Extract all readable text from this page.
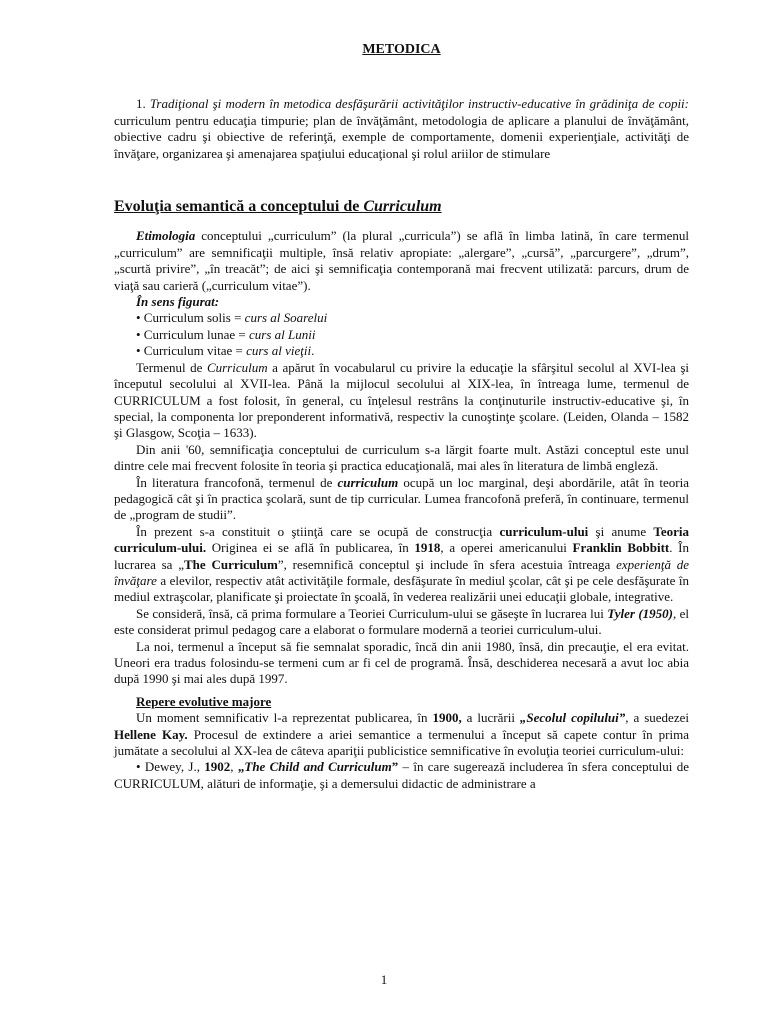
METODICA

1. Tradiţional şi modern în metodica desfăşurării activităţilor instructiv-educative în grădiniţa de copii: curriculum pentru educaţia timpurie; plan de învăţământ, metodologia de aplicare a planului de învăţământ, obiective cadru şi obiective de referinţă, exemple de comportamente, domenii experienţiale, activităţi de învăţare, organizarea şi amenajarea spaţiului educaţional şi rolul ariilor de stimulare

Evoluţia semantică a conceptului de Curriculum

Etimologia conceptului „curriculum” (la plural „curricula”) se află în limba latină, în care termenul „curriculum” are semnificaţii multiple, însă relativ apropiate: „alergare”, „cursă”, „parcurgere”, „drum”, „scurtă privire”, „în treacăt”; de aici şi semnificaţia contemporană mai frecvent utilizată: parcurs, drum de viaţă sau carieră („curriculum vitae”).

În sens figurat:

• Curriculum solis = curs al Soarelui

• Curriculum lunae = curs al Lunii

• Curriculum vitae = curs al vieţii.

Termenul de Curriculum a apărut în vocabularul cu privire la educaţie la sfârşitul secolul al XVI-lea şi începutul secolului al XVII-lea. Până la mijlocul secolului al XIX-lea, în întreaga lume, termenul de CURRICULUM a fost folosit, în general, cu înţelesul restrâns la conţinuturile instructiv-educative şi, în special, la componenta lor preponderent informativă, respectiv la cunoştinţe şcolare. (Leiden, Olanda – 1582 şi Glasgow, Scoţia – 1633).

Din anii '60, semnificaţia conceptului de curriculum s-a lărgit foarte mult. Astăzi conceptul este unul dintre cele mai frecvent folosite în teoria şi practica educaţională, mai ales în literatura de limbă engleză.

În literatura francofonă, termenul de curriculum ocupă un loc marginal, deşi abordările, atât în teoria pedagogică cât şi în practica şcolară, sunt de tip curricular. Lumea francofonă preferă, în continuare, termenul de „program de studii”.

În prezent s-a constituit o ştiinţă care se ocupă de construcţia curriculum-ului şi anume Teoria curriculum-ului. Originea ei se află în publicarea, în 1918, a operei americanului Franklin Bobbitt. În lucrarea sa „The Curriculum”, resemnifică conceptul şi include în sfera acestuia întreaga experienţă de învăţare a elevilor, respectiv atât activităţile formale, desfăşurate în mediul şcolar, cât şi pe cele desfăşurate în mediul extraşcolar, planificate şi proiectate în şcoală, în vederea realizării unei educaţii globale, integrative.

Se consideră, însă, că prima formulare a Teoriei Curriculum-ului se găseşte în lucrarea lui Tyler (1950), el este considerat primul pedagog care a elaborat o formulare modernă a teoriei curriculum-ului.

La noi, termenul a început să fie semnalat sporadic, încă din anii 1980, însă, din precauţie, el era evitat. Uneori era tradus folosindu-se termeni cum ar fi cel de programă. Însă, deschiderea necesară a avut loc abia după 1990 şi mai ales după 1997.

Repere evolutive majore

Un moment semnificativ l-a reprezentat publicarea, în 1900, a lucrării „Secolul copilului”, a suedezei Hellene Kay. Procesul de extindere a ariei semantice a termenului a început să capete contur în prima jumătate a secolului al XX-lea de câteva apariţii publicistice semnificative în evoluţia teoriei curriculum-ului:

• Dewey, J., 1902, „The Child and Curriculum” – în care sugerează includerea în sfera conceptului de CURRICULUM, alături de informaţie, şi a demersului didactic de administrare a

1
